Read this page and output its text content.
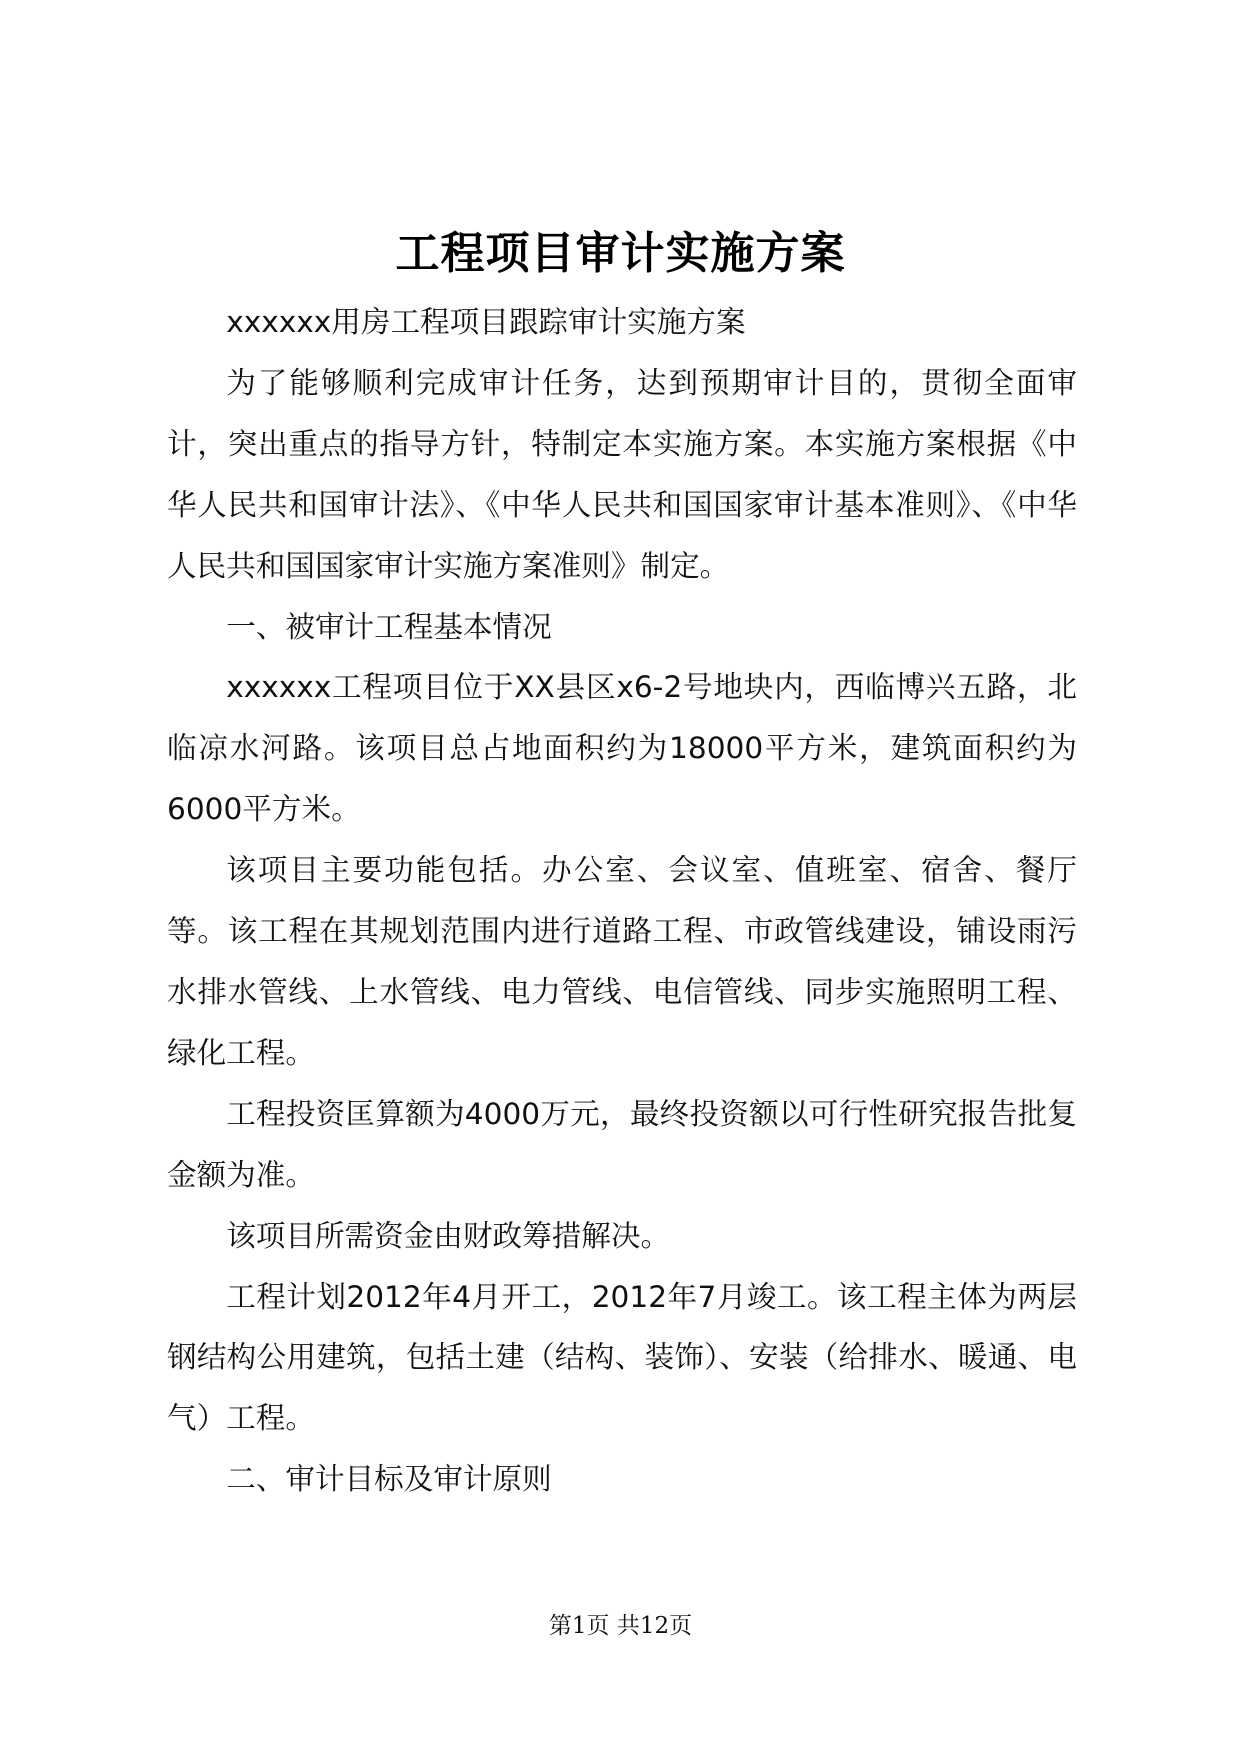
工程项目审计实施方案

xxxxxx用房工程项目跟踪审计实施方案

为了能够顺利完成审计任务，达到预期审计目的，贯彻全面审计，突出重点的指导方针，特制定本实施方案。本实施方案根据《中华人民共和国审计法》、《中华人民共和国国家审计基本准则》、《中华人民共和国国家审计实施方案准则》制定。

一、被审计工程基本情况

xxxxxx工程项目位于XX县区x6-2号地块内，西临博兴五路，北临凉水河路。该项目总占地面积约为18000平方米，建筑面积约为6000平方米。

该项目主要功能包括。办公室、会议室、值班室、宿舍、餐厅等。该工程在其规划范围内进行道路工程、市政管线建设，铺设雨污水排水管线、上水管线、电力管线、电信管线、同步实施照明工程、绿化工程。

工程投资匡算额为4000万元，最终投资额以可行性研究报告批复金额为准。

该项目所需资金由财政筹措解决。

工程计划2012年4月开工，2012年7月竣工。该工程主体为两层钢结构公用建筑，包括土建（结构、装饰）、安装（给排水、暖通、电气）工程。

二、审计目标及审计原则

第1页 共12页
